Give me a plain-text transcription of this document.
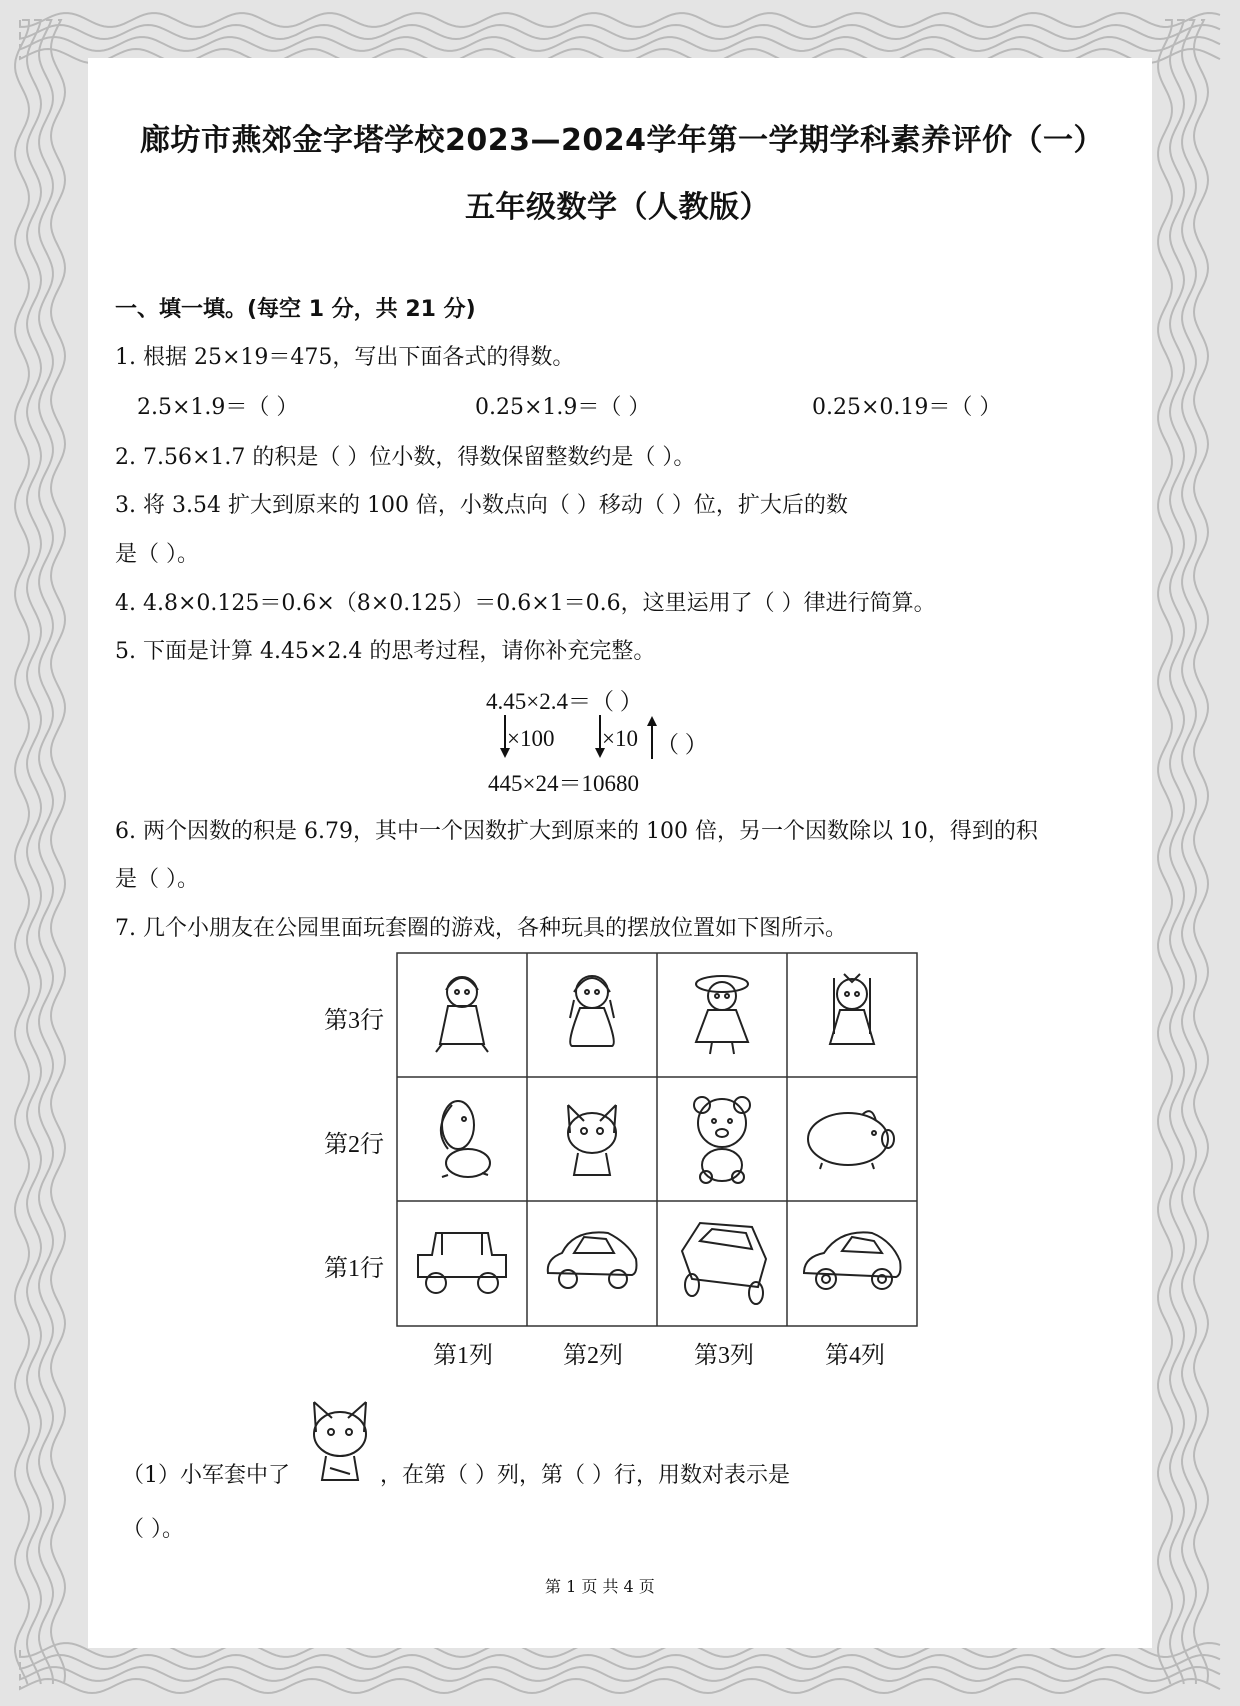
廊坊市燕郊金字塔学校2023—2024学年第一学期学科素养评价（一）
五年级数学（人教版）
一、填一填。(每空 1 分，共 21 分)
1. 根据 25×19＝475，写出下面各式的得数。
2.5×1.9＝（ ）	0.25×1.9＝（ ）	0.25×0.19＝（ ）
2. 7.56×1.7 的积是（ ）位小数，得数保留整数约是（ ）。
3. 将 3.54 扩大到原来的 100 倍，小数点向（ ）移动（ ）位，扩大后的数
是（ ）。
4. 4.8×0.125＝0.6×（8×0.125）＝0.6×1＝0.6，这里运用了（ ）律进行简算。
5. 下面是计算 4.45×2.4 的思考过程，请你补充完整。
4.45×2.4＝（ ）
×100 ×10 （ ）
445×24＝10680
6. 两个因数的积是 6.79，其中一个因数扩大到原来的 100 倍，另一个因数除以 10，得到的积
是（ ）。
7. 几个小朋友在公园里面玩套圈的游戏，各种玩具的摆放位置如下图所示。
第3行
第2行
第1行
第1列	第2列	第3列	第4列
（1）小军套中了	，在第（ ）列，第（ ）行，用数对表示是
（ ）。
第 1 页 共 4 页
